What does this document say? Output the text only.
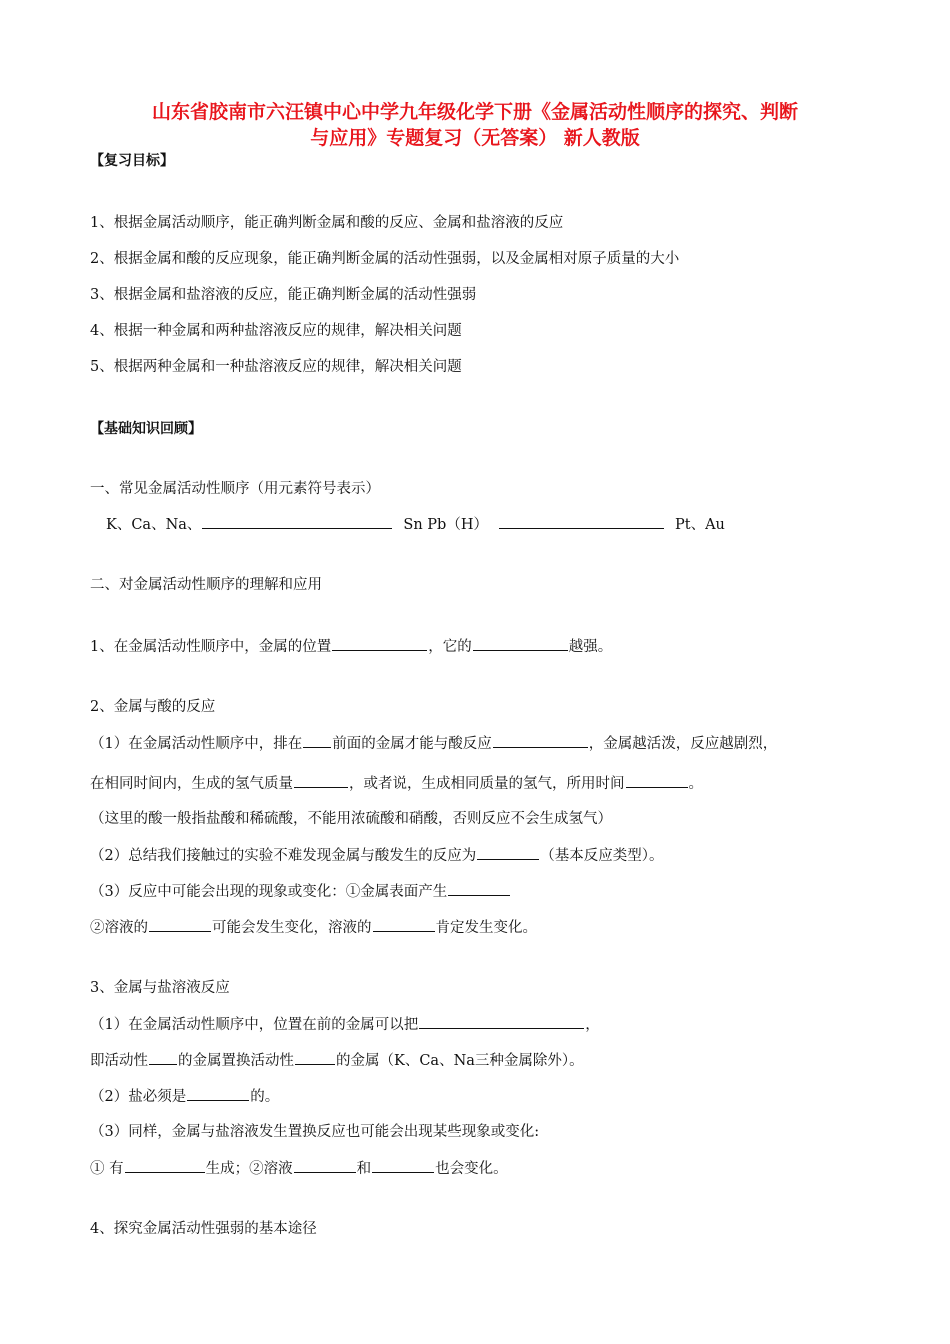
山东省胶南市六汪镇中心中学九年级化学下册《金属活动性顺序的探究、判断
与应用》专题复习（无答案） 新人教版
【复习目标】
1、根据金属活动顺序，能正确判断金属和酸的反应、金属和盐溶液的反应
2、根据金属和酸的反应现象，能正确判断金属的活动性强弱，以及金属相对原子质量的大小
3、根据金属和盐溶液的反应，能正确判断金属的活动性强弱
4、根据一种金属和两种盐溶液反应的规律，解决相关问题
5、根据两种金属和一种盐溶液反应的规律，解决相关问题
【基础知识回顾】
一、常见金属活动性顺序（用元素符号表示）
K、Ca、Na、	Sn Pb（H）	Pt、Au
二、对金属活动性顺序的理解和应用
1、在金属活动性顺序中，金属的位置	，它的	越强。
2、金属与酸的反应
（1）在金属活动性顺序中，排在 前面的金属才能与酸反应	，金属越活泼，反应越剧烈，
在相同时间内，生成的氢气质量	，或者说，生成相同质量的氢气，所用时间	。
（这里的酸一般指盐酸和稀硫酸，不能用浓硫酸和硝酸，否则反应不会生成氢气）
（2）总结我们接触过的实验不难发现金属与酸发生的反应为	（基本反应类型）。
（3）反应中可能会出现的现象或变化：①金属表面产生
②溶液的	可能会发生变化，溶液的	肯定发生变化。
3、金属与盐溶液反应
（1）在金属活动性顺序中，位置在前的金属可以把	，
即活动性 的金属置换活动性	的金属（K、Ca、Na三种金属除外）。
（2）盐必须是	的。
（3）同样，金属与盐溶液发生置换反应也可能会出现某些现象或变化:
① 有	生成；②溶液	和	也会变化。
4、探究金属活动性强弱的基本途径
